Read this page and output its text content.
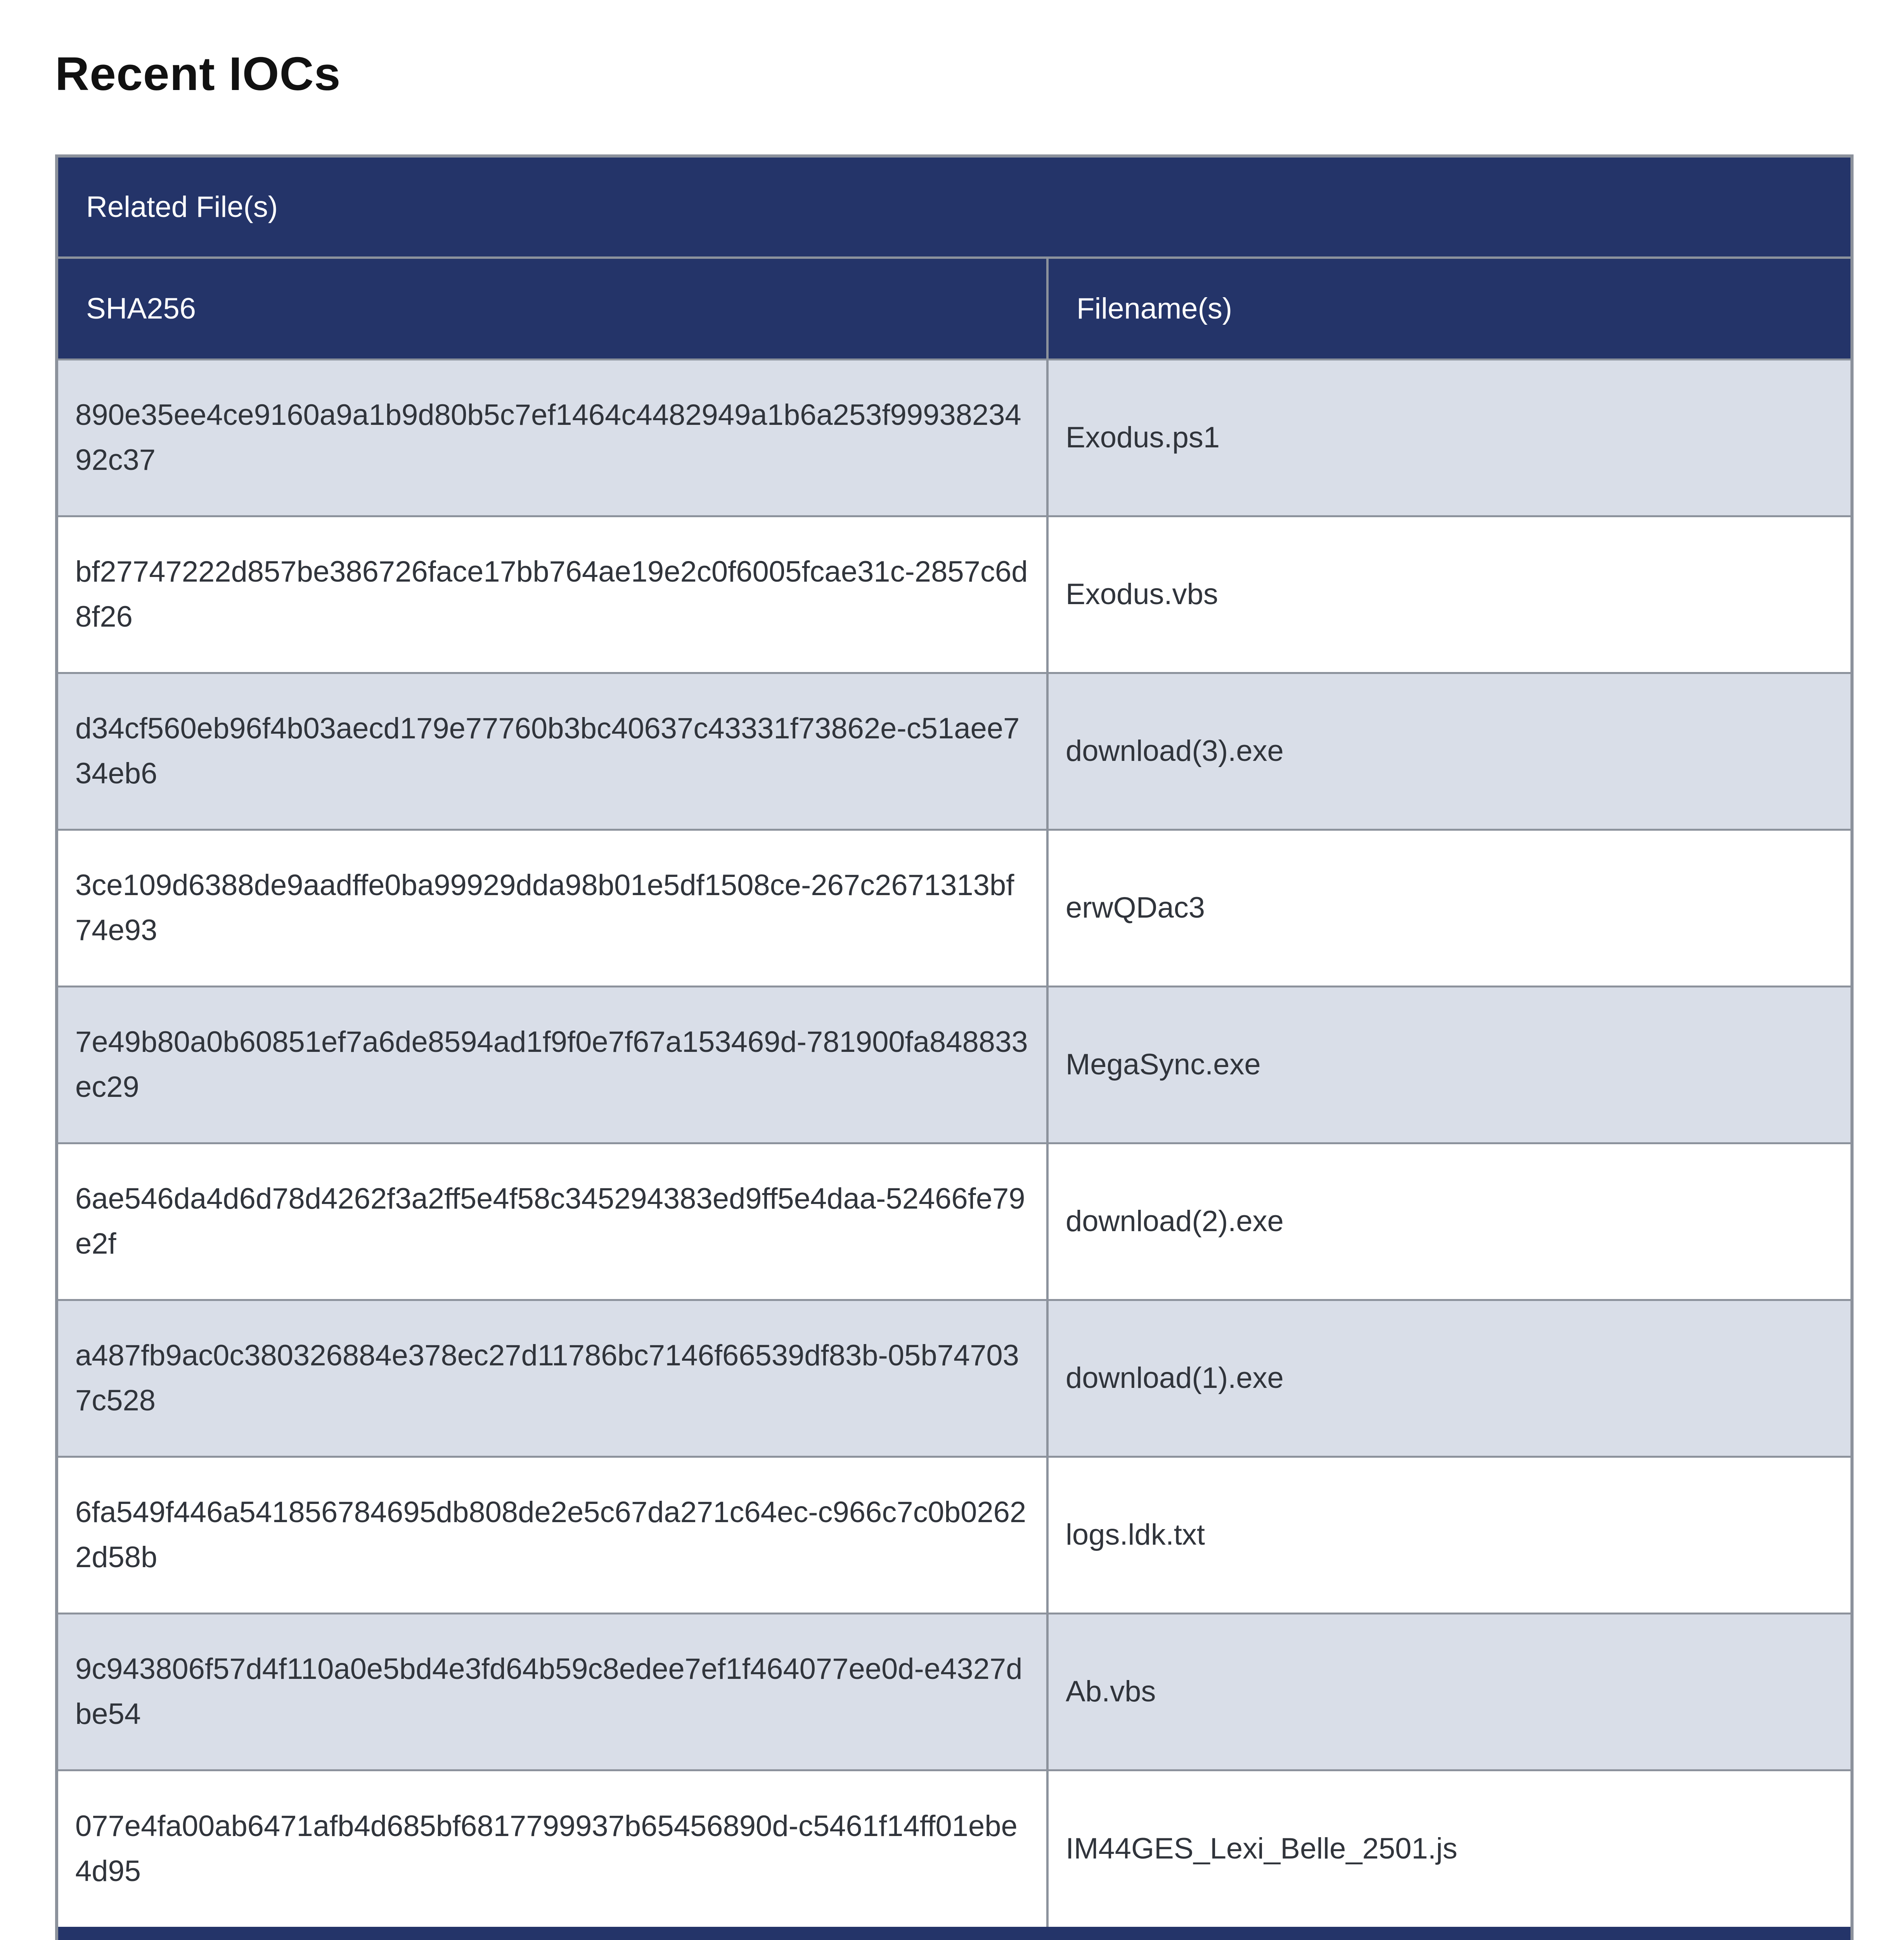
Recent IOCs
Related File(s)	
SHA256	Filename(s)
890e35ee4ce9160a9a1b9d80b5c7ef1464c4482949a1b6a253f9993823492c37	Exodus.ps1
bf27747222d857be386726face17bb764ae19e2c0f6005fcae31c-2857c6d8f26	Exodus.vbs
d34cf560eb96f4b03aecd179e77760b3bc40637c43331f73862e-c51aee734eb6	download(3).exe
3ce109d6388de9aadffe0ba99929dda98b01e5df1508ce-267c2671313bf74e93	erwQDac3
7e49b80a0b60851ef7a6de8594ad1f9f0e7f67a153469d-781900fa848833ec29	MegaSync.exe
6ae546da4d6d78d4262f3a2ff5e4f58c345294383ed9ff5e4daa-52466fe79e2f	download(2).exe
a487fb9ac0c380326884e378ec27d11786bc7146f66539df83b-05b747037c528	download(1).exe
6fa549f446a541856784695db808de2e5c67da271c64ec-c966c7c0b02622d58b	logs.ldk.txt
9c943806f57d4f110a0e5bd4e3fd64b59c8edee7ef1f464077ee0d-e4327dbe54	Ab.vbs
077e4fa00ab6471afb4d685bf6817799937b65456890d-c5461f14ff01ebe4d95	IM44GES_Lexi_Belle_2501.js
